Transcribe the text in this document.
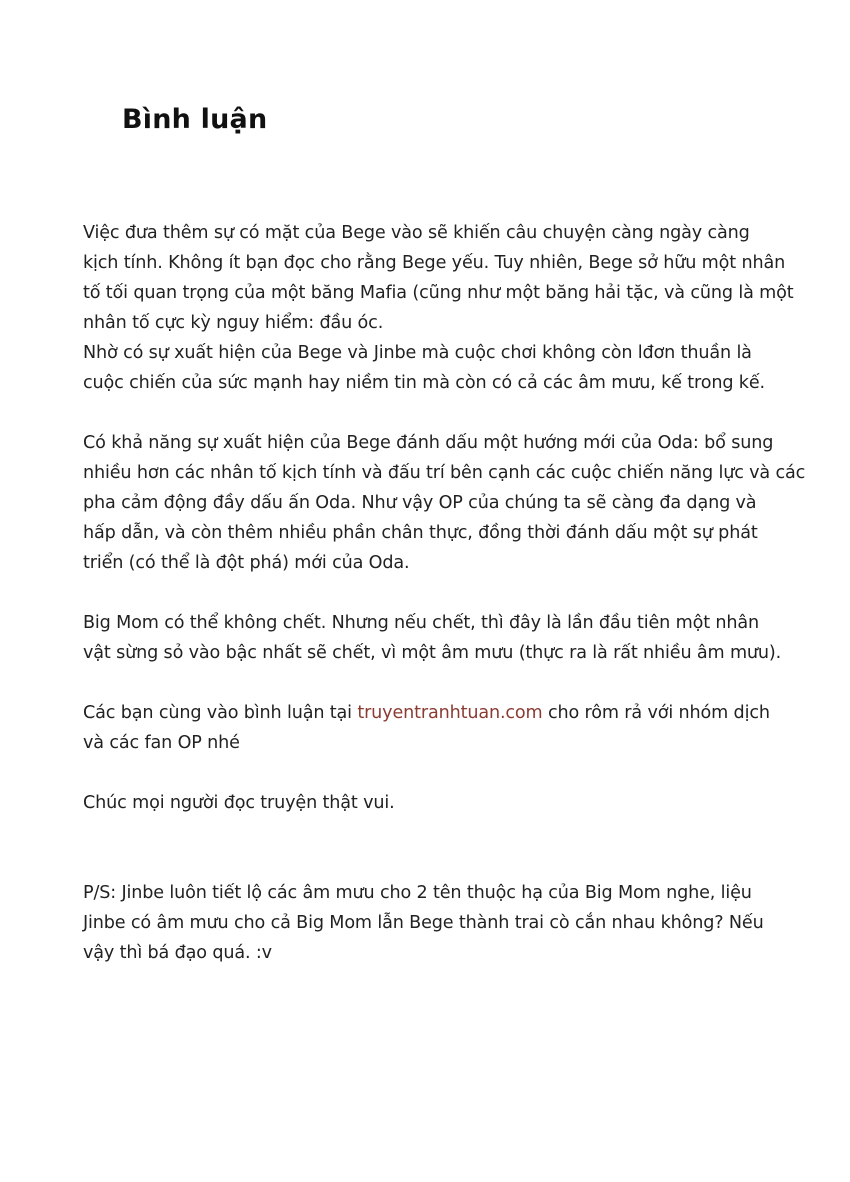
Bình luận

Việc đưa thêm sự có mặt của Bege vào sẽ khiến câu chuyện càng ngày càng
kịch tính. Không ít bạn đọc cho rằng Bege yếu. Tuy nhiên, Bege sở hữu một nhân
tố tối quan trọng của một băng Mafia (cũng như một băng hải tặc, và cũng là một
nhân tố cực kỳ nguy hiểm: đầu óc.
Nhờ có sự xuất hiện của Bege và Jinbe mà cuộc chơi không còn lđơn thuần là
cuộc chiến của sức mạnh hay niềm tin mà còn có cả các âm mưu, kế trong kế.

Có khả năng sự xuất hiện của Bege đánh dấu một hướng mới của Oda: bổ sung
nhiều hơn các nhân tố kịch tính và đấu trí bên cạnh các cuộc chiến năng lực và các
pha cảm động đầy dấu ấn Oda. Như vậy OP của chúng ta sẽ càng đa dạng và
hấp dẫn, và còn thêm nhiều phần chân thực, đồng thời đánh dấu một sự phát
triển (có thể là đột phá) mới của Oda.

Big Mom có thể không chết. Nhưng nếu chết, thì đây là lần đầu tiên một nhân
vật sừng sỏ vào bậc nhất sẽ chết, vì một âm mưu (thực ra là rất nhiều âm mưu).

Các bạn cùng vào bình luận tại truyentranhtuan.com cho rôm rả với nhóm dịch
và các fan OP nhé

Chúc mọi người đọc truyện thật vui.

P/S: Jinbe luôn tiết lộ các âm mưu cho 2 tên thuộc hạ của Big Mom nghe, liệu
Jinbe có âm mưu cho cả Big Mom lẫn Bege thành trai cò cắn nhau không? Nếu
vậy thì bá đạo quá. :v
